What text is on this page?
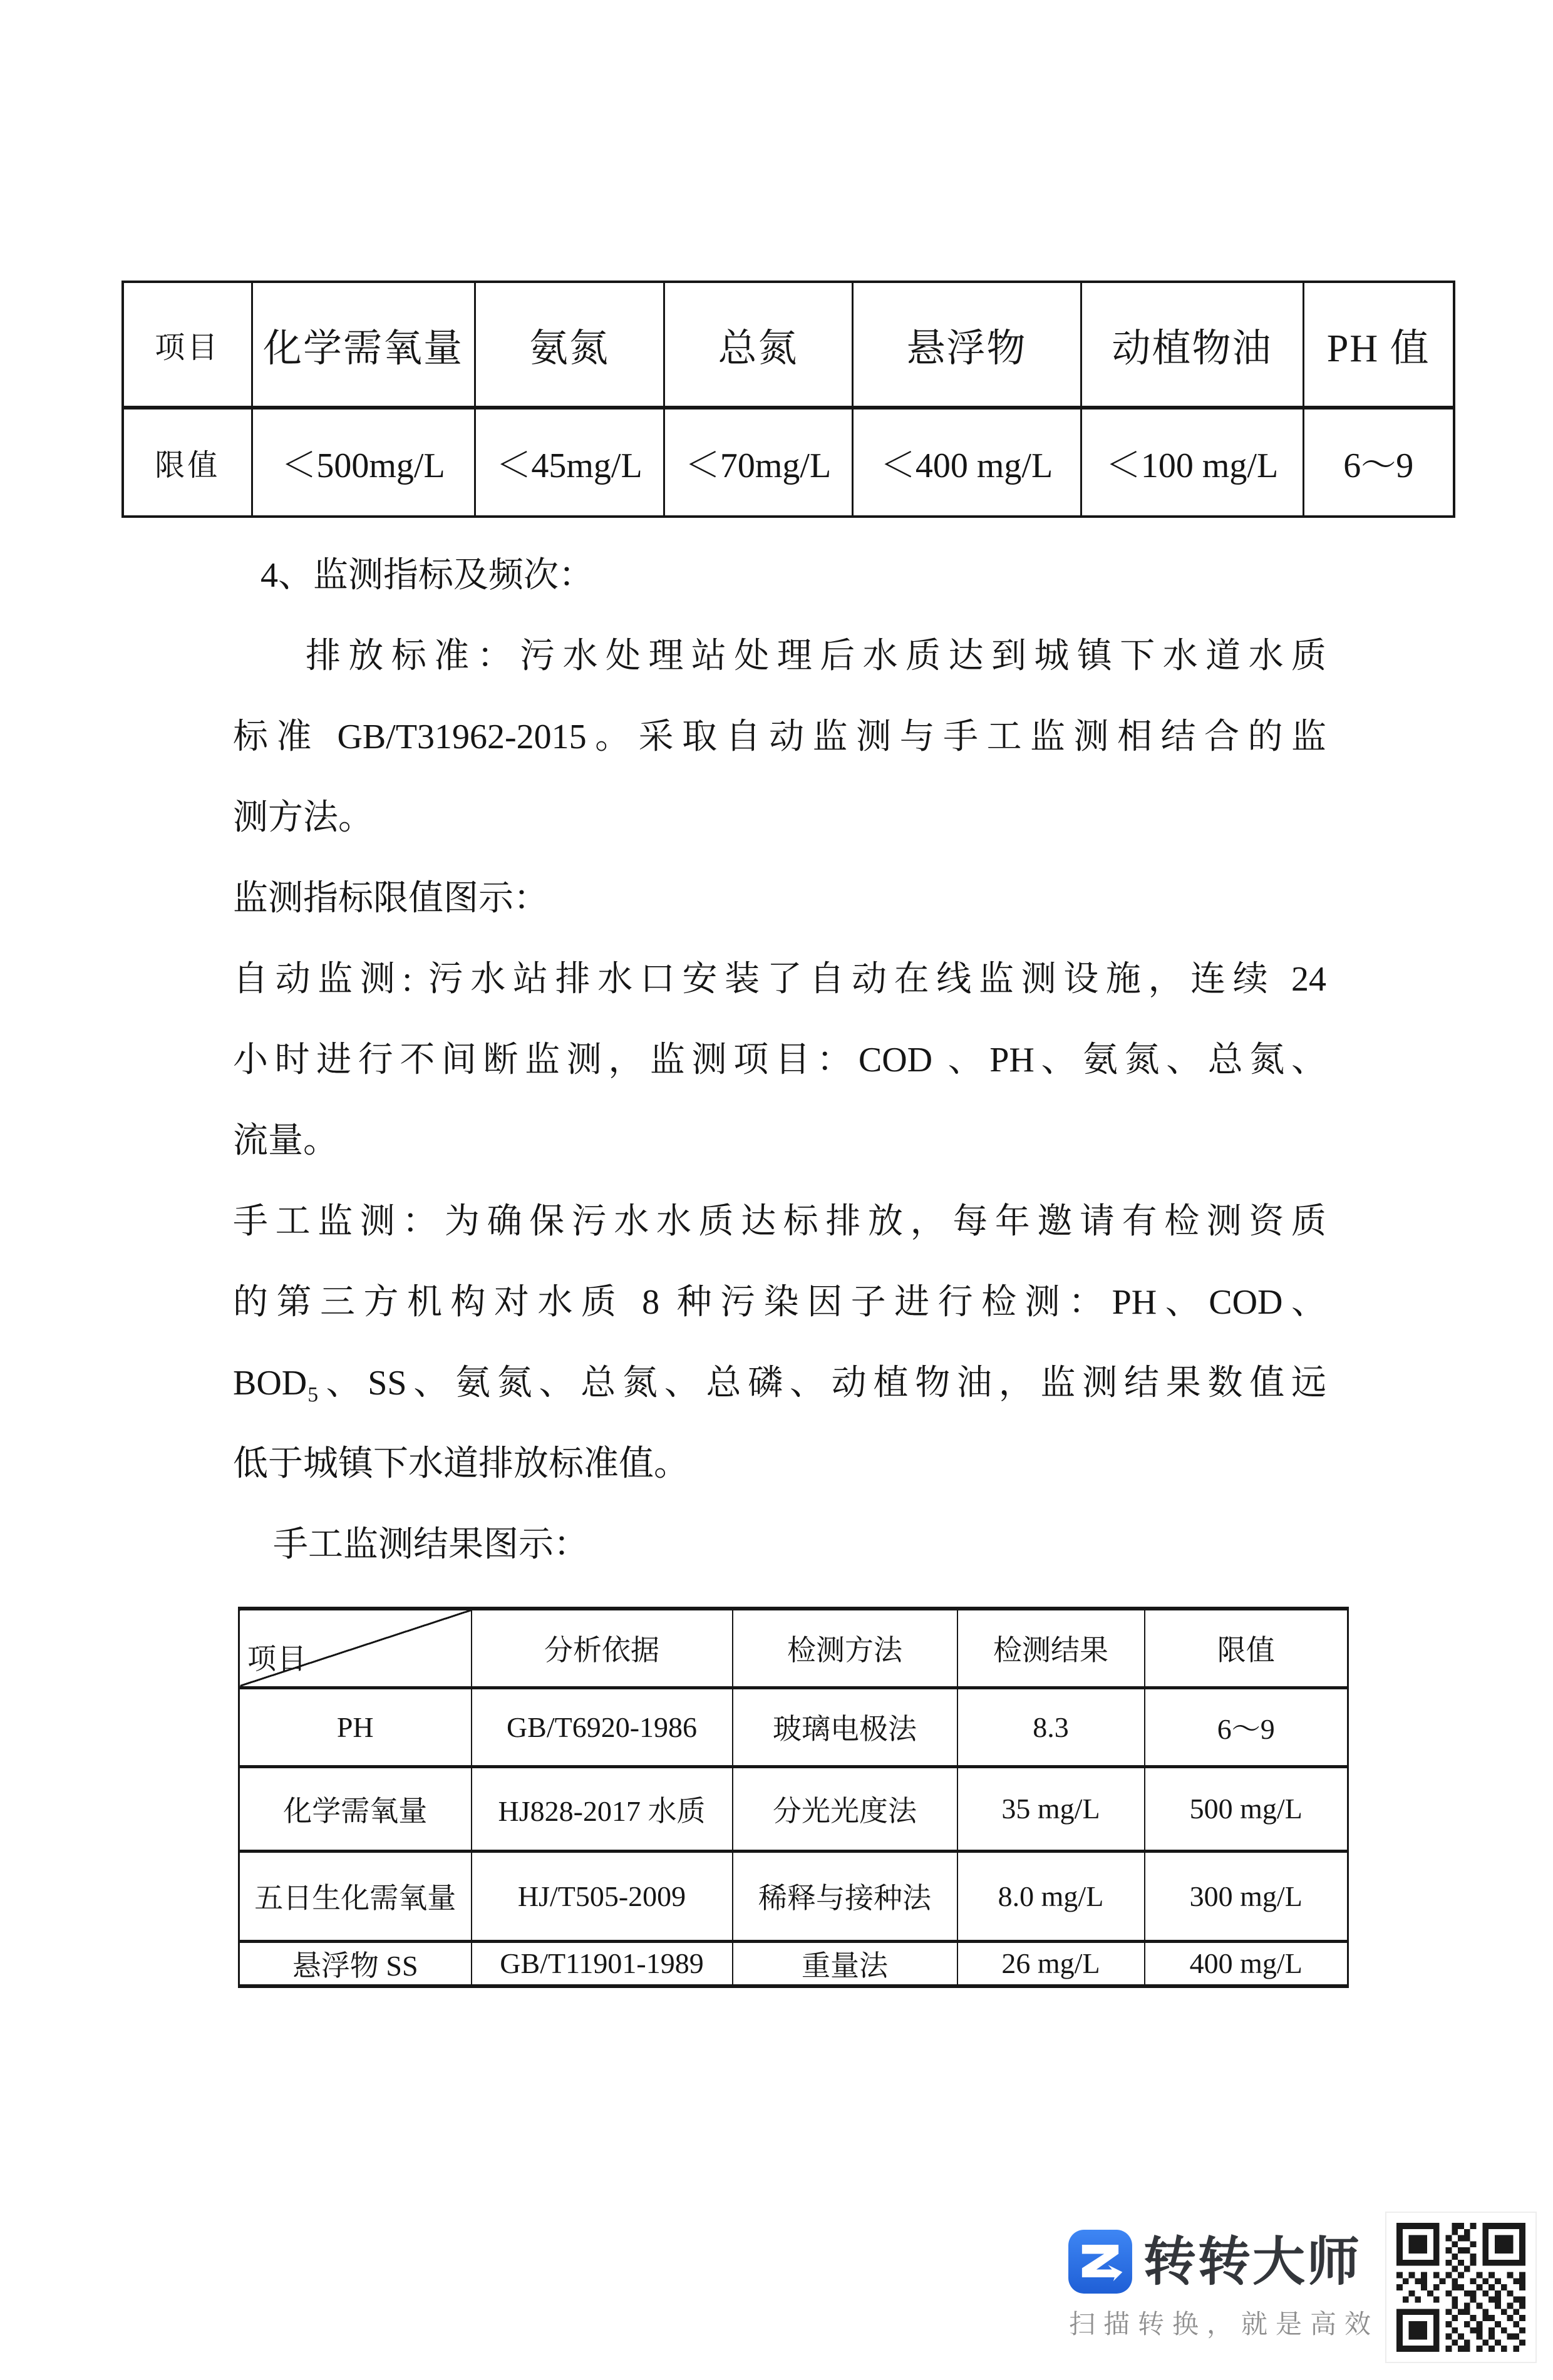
项目	化学需氧量	氨氮	总氮	悬浮物	动植物油	PH 值
限值	＜500mg/L	＜45mg/L	＜70mg/L	＜400 mg/L	＜100 mg/L	6～9
4、监测指标及频次：
排放标准：污水处理站处理后水质达到城镇下水道水质
标准 GB/T31962-2015。采取自动监测与手工监测相结合的监
测方法。
监测指标限值图示：
自动监测: 污水站排水口安装了自动在线监测设施，连续 24
小时进行不间断监测，监测项目：COD 、PH、氨氮、总氮、
流量。
手工监测：为确保污水水质达标排放，每年邀请有检测资质
的第三方机构对水质 8 种污染因子进行检测：PH、COD、
BOD₅、SS、氨氮、总氮、总磷、动植物油，监测结果数值远
低于城镇下水道排放标准值。
手工监测结果图示：
项目	分析依据	检测方法	检测结果	限值
PH	GB/T6920-1986	玻璃电极法	8.3	6～9
化学需氧量	HJ828-2017 水质	分光光度法	35 mg/L	500 mg/L
五日生化需氧量	HJ/T505-2009	稀释与接种法	8.0 mg/L	300 mg/L
悬浮物 SS	GB/T11901-1989	重量法	26 mg/L	400 mg/L
转转大师
扫描转换，就是高效
